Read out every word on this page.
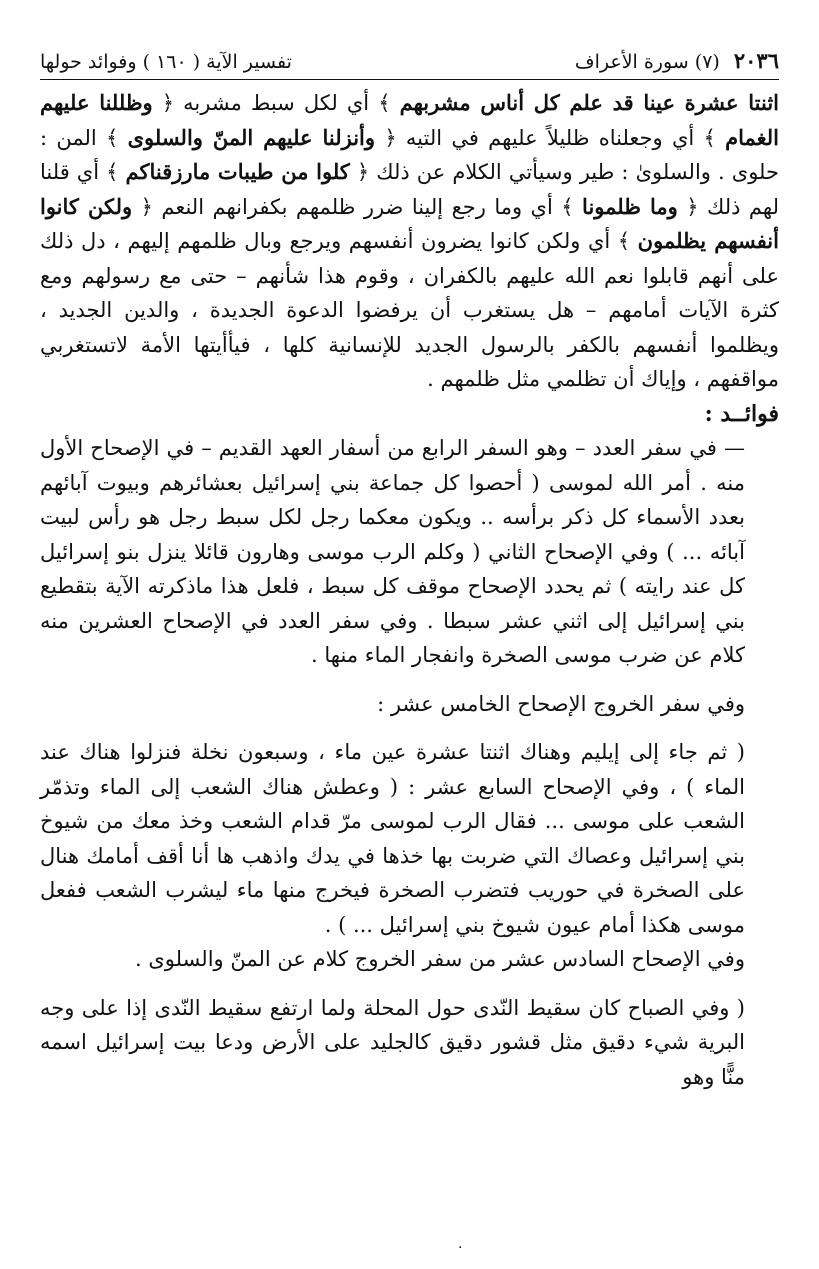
٢٠٣٦ (٧) سورة الأعراف
تفسير الآية ( ١٦٠ ) وفوائد حولها

اثنتا عشرة عينا قد علم كل أناس مشربهم ﴾ أي لكل سبط مشربه ﴿ وظللنا عليهم الغمام ﴾ أي وجعلناه ظليلاً عليهم في التيه ﴿ وأنزلنا عليهم المنّ والسلوى ﴾ المن : حلوى . والسلوىٰ : طير وسيأتي الكلام عن ذلك ﴿ كلوا من طيبات مارزقناكم ﴾ أي قلنا لهم ذلك ﴿ وما ظلمونا ﴾ أي وما رجع إلينا ضرر ظلمهم بكفرانهم النعم ﴿ ولكن كانوا أنفسهم يظلمون ﴾ أي ولكن كانوا يضرون أنفسهم ويرجع وبال ظلمهم إليهم ، دل ذلك على أنهم قابلوا نعم الله عليهم بالكفران ، وقوم هذا شأنهم – حتى مع رسولهم ومع كثرة الآيات أمامهم – هل يستغرب أن يرفضوا الدعوة الجديدة ، والدين الجديد ، ويظلموا أنفسهم بالكفر بالرسول الجديد للإنسانية كلها ، فيأأيتها الأمة لاتستغربي مواقفهم ، وإياك أن تظلمي مثل ظلمهم .

فوائــد :

— في سفر العدد – وهو السفر الرابع من أسفار العهد القديم – في الإصحاح الأول منه . أمر الله لموسى ( أحصوا كل جماعة بني إسرائيل بعشائرهم وبيوت آبائهم بعدد الأسماء كل ذكر برأسه .. ويكون معكما رجل لكل سبط رجل هو رأس لبيت آبائه ... ) وفي الإصحاح الثاني ( وكلم الرب موسى وهارون قائلا ينزل بنو إسرائيل كل عند رايته ) ثم يحدد الإصحاح موقف كل سبط ، فلعل هذا ماذكرته الآية بتقطيع بني إسرائيل إلى اثني عشر سبطا . وفي سفر العدد في الإصحاح العشرين منه كلام عن ضرب موسى الصخرة وانفجار الماء منها .

وفي سفر الخروج الإصحاح الخامس عشر :

( ثم جاء إلى إيليم وهناك اثنتا عشرة عين ماء ، وسبعون نخلة فنزلوا هناك عند الماء ) ، وفي الإصحاح السابع عشر : ( وعطش هناك الشعب إلى الماء وتذمّر الشعب على موسى ... فقال الرب لموسى مرّ قدام الشعب وخذ معك من شيوخ بني إسرائيل وعصاك التي ضربت بها خذها في يدك واذهب ها أنا أقف أمامك هنال على الصخرة في حوريب فتضرب الصخرة فيخرج منها ماء ليشرب الشعب ففعل موسى هكذا أمام عيون شيوخ بني إسرائيل ... ) .

وفي الإصحاح السادس عشر من سفر الخروج كلام عن المنّ والسلوى .

( وفي الصباح كان سقيط النّدى حول المحلة ولما ارتفع سقيط النّدى إذا على وجه البرية شيء دقيق مثل قشور دقيق كالجليد على الأرض ودعا بيت إسرائيل اسمه منًّا وهو

·
